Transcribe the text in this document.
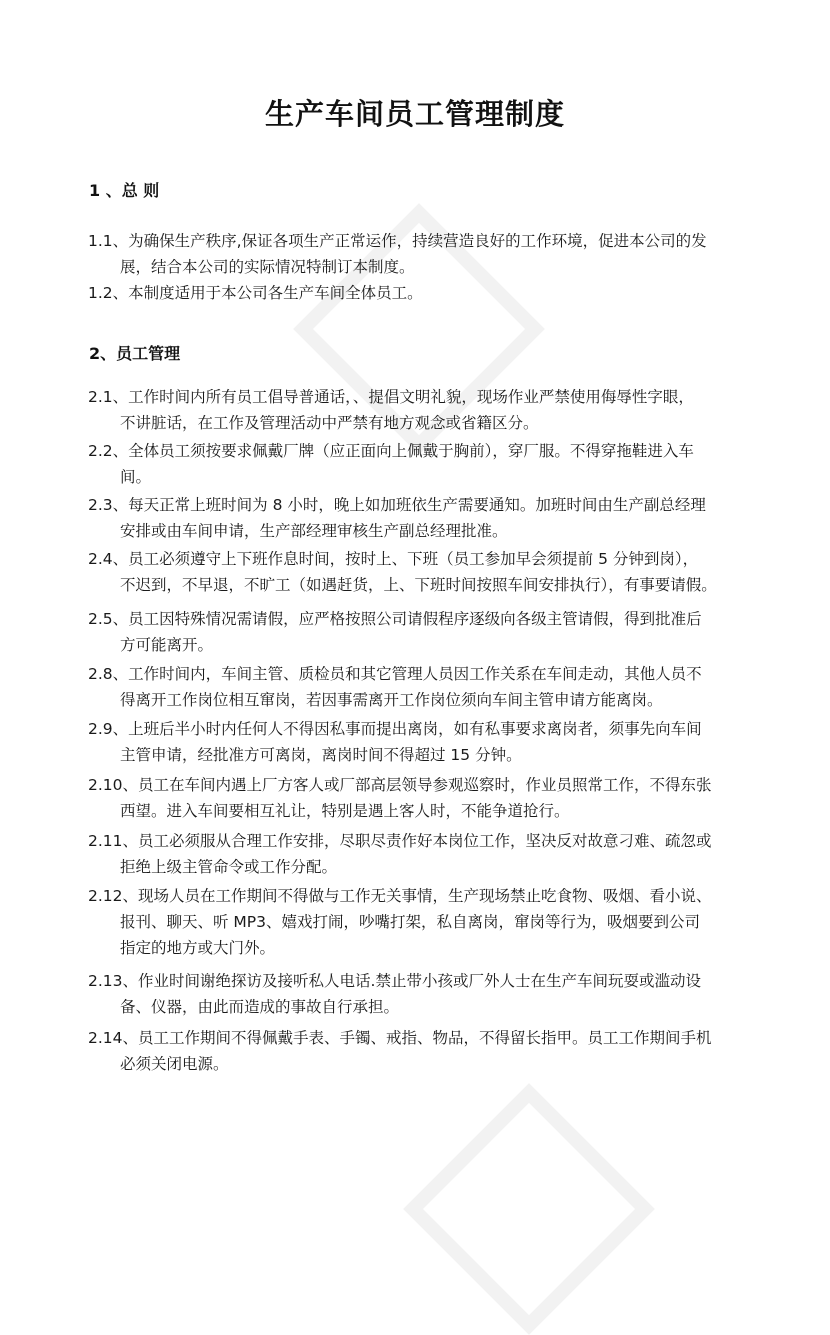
生产车间员工管理制度
1 、总 则
1.1、为确保生产秩序,保证各项生产正常运作，持续营造良好的工作环境，促进本公司的发
展，结合本公司的实际情况特制订本制度。
1.2、本制度适用于本公司各生产车间全体员工。
2、员工管理
2.1、工作时间内所有员工倡导普通话，、提倡文明礼貌，现场作业严禁使用侮辱性字眼，
不讲脏话，在工作及管理活动中严禁有地方观念或省籍区分。
2.2、全体员工须按要求佩戴厂牌（应正面向上佩戴于胸前），穿厂服。不得穿拖鞋进入车
间。
2.3、每天正常上班时间为 8 小时，晚上如加班依生产需要通知。加班时间由生产副总经理
安排或由车间申请，生产部经理审核生产副总经理批准。
2.4、员工必须遵守上下班作息时间，按时上、下班（员工参加早会须提前 5 分钟到岗），
不迟到，不早退，不旷工（如遇赶货，上、下班时间按照车间安排执行），有事要请假。
2.5、员工因特殊情况需请假，应严格按照公司请假程序逐级向各级主管请假，得到批准后
方可能离开。
2.8、工作时间内，车间主管、质检员和其它管理人员因工作关系在车间走动，其他人员不
得离开工作岗位相互窜岗，若因事需离开工作岗位须向车间主管申请方能离岗。
2.9、上班后半小时内任何人不得因私事而提出离岗，如有私事要求离岗者，须事先向车间
主管申请，经批准方可离岗，离岗时间不得超过 15 分钟。
2.10、员工在车间内遇上厂方客人或厂部高层领导参观巡察时，作业员照常工作，不得东张
西望。进入车间要相互礼让，特别是遇上客人时，不能争道抢行。
2.11、员工必须服从合理工作安排，尽职尽责作好本岗位工作，坚决反对故意刁难、疏忽或
拒绝上级主管命令或工作分配。
2.12、现场人员在工作期间不得做与工作无关事情，生产现场禁止吃食物、吸烟、看小说、
报刊、聊天、听 MP3、嬉戏打闹，吵嘴打架，私自离岗，窜岗等行为，吸烟要到公司
指定的地方或大门外。
2.13、作业时间谢绝探访及接听私人电话.禁止带小孩或厂外人士在生产车间玩耍或滥动设
备、仪器，由此而造成的事故自行承担。
2.14、员工工作期间不得佩戴手表、手镯、戒指、物品，不得留长指甲。员工工作期间手机
必须关闭电源。
